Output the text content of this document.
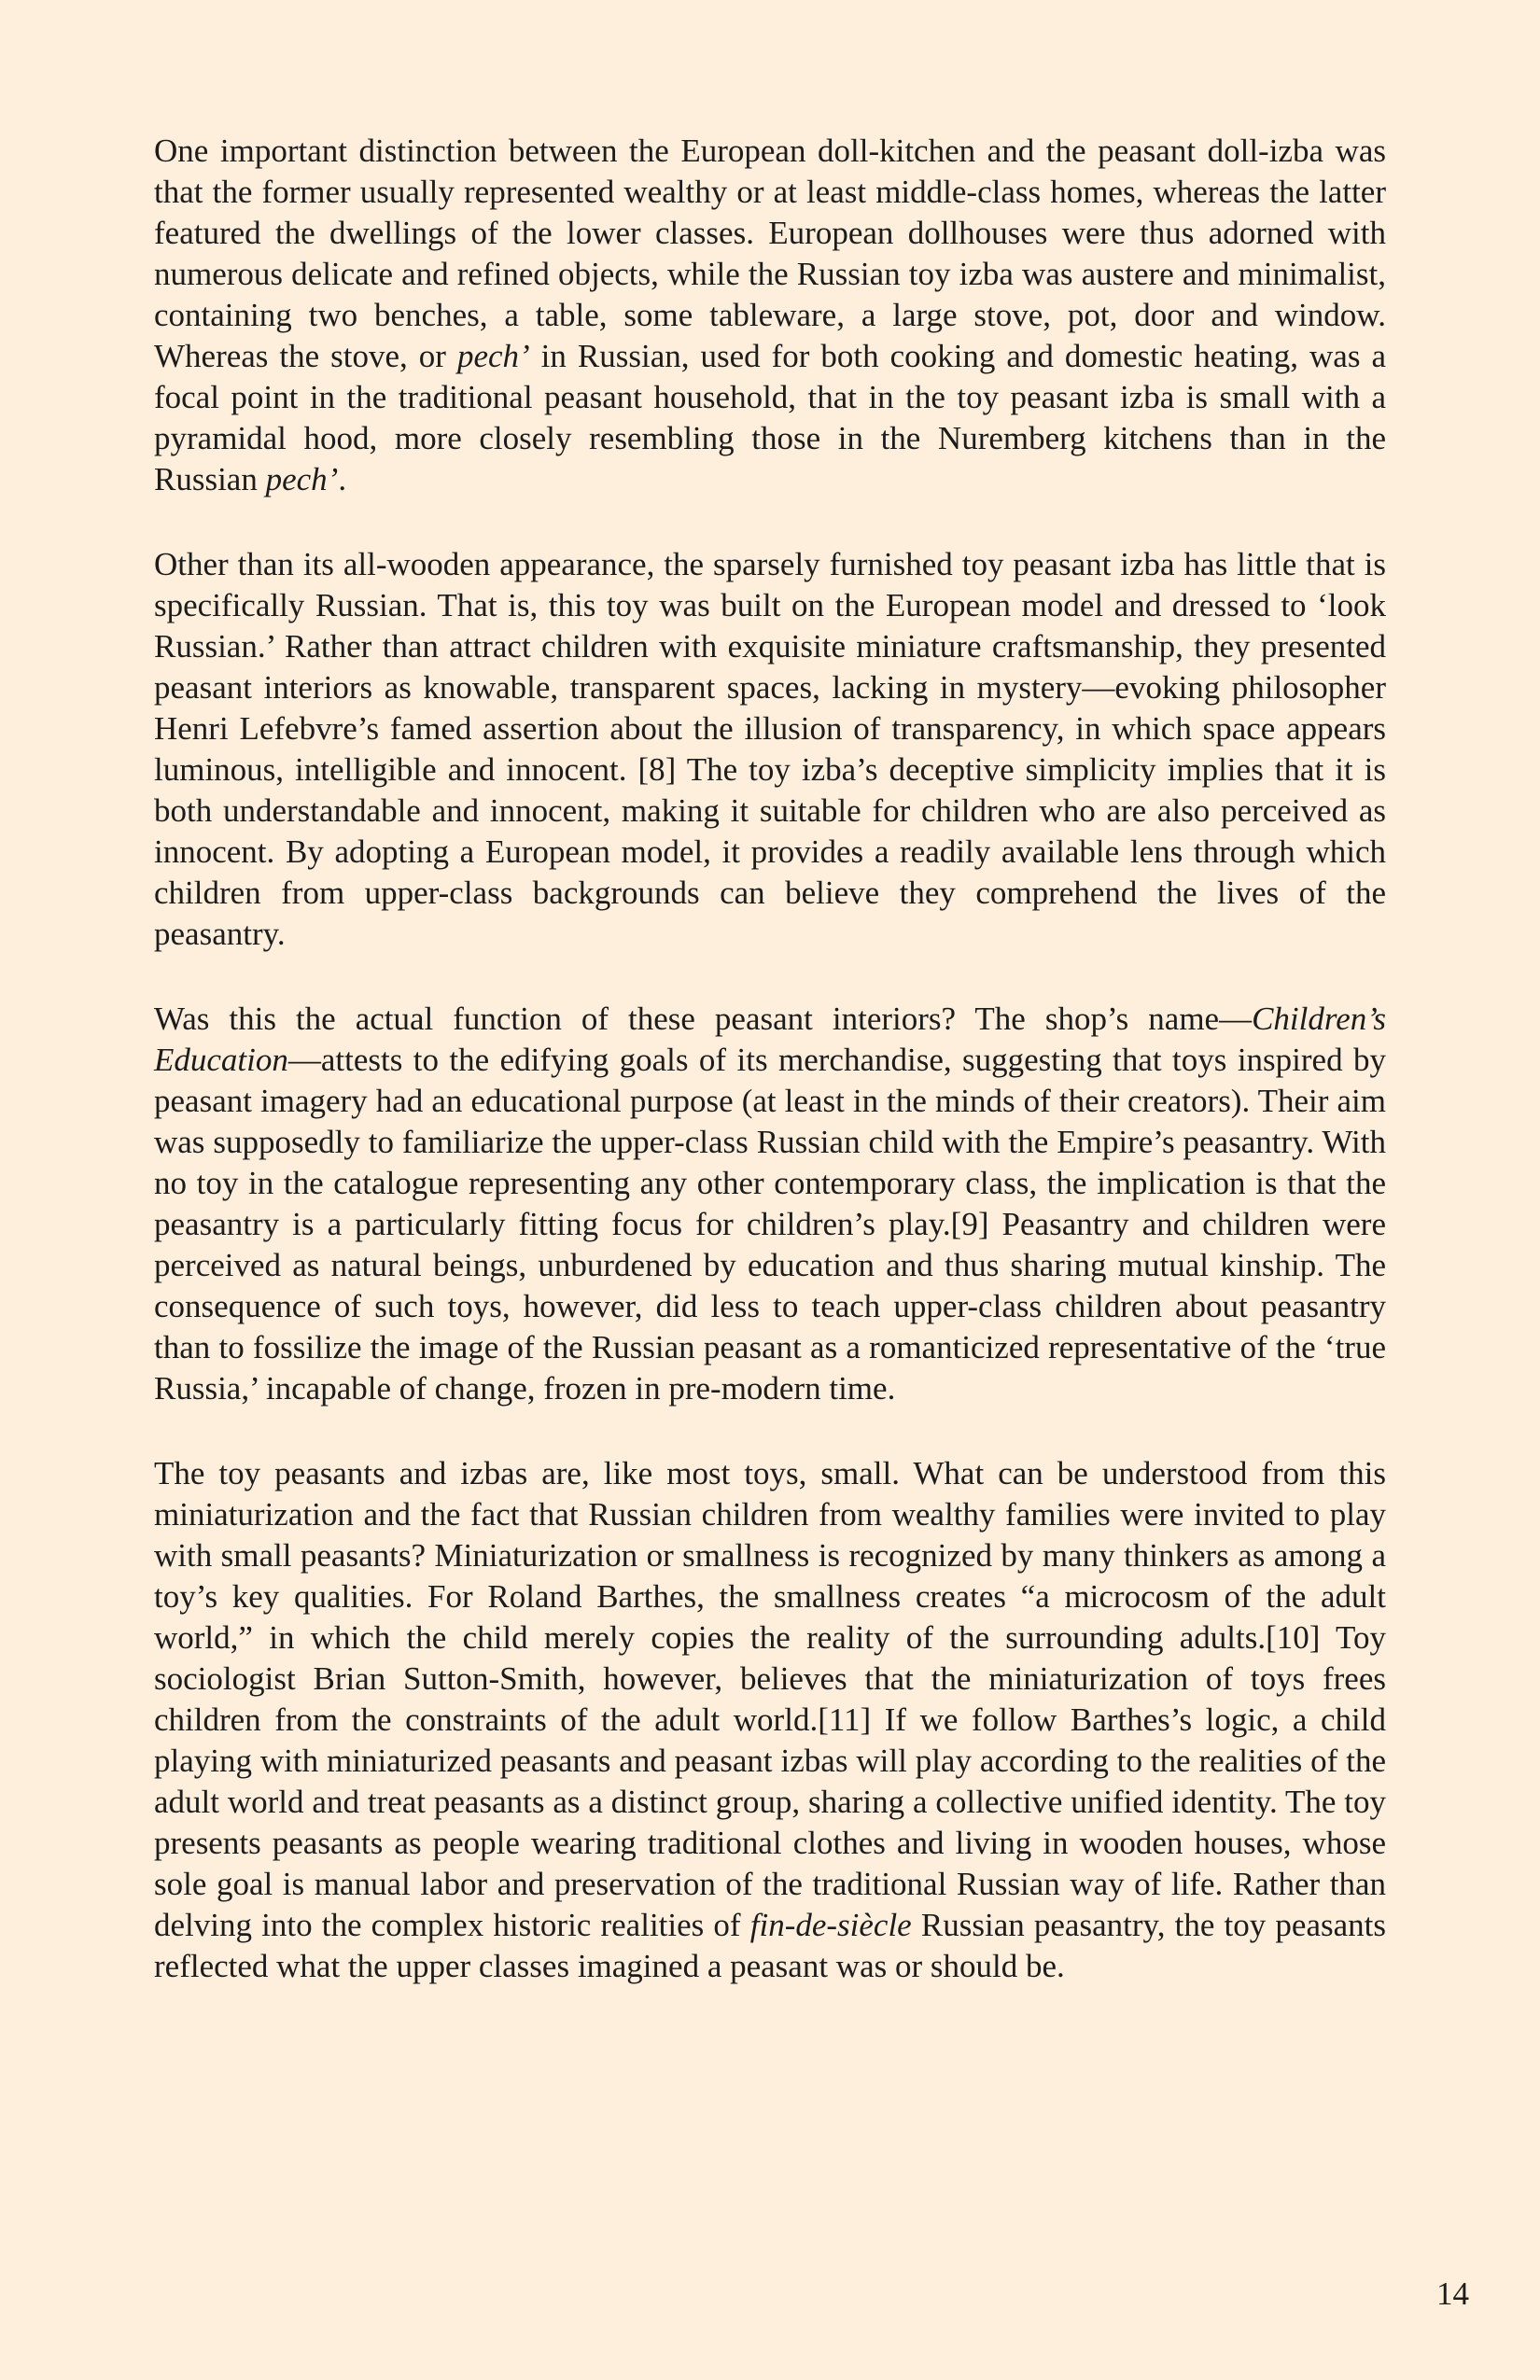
One important distinction between the European doll-kitchen and the peasant doll-izba was that the former usually represented wealthy or at least middle-class homes, whereas the latter featured the dwellings of the lower classes. European dollhouses were thus adorned with numerous delicate and refined objects, while the Russian toy izba was austere and minimalist, containing two benches, a table, some tableware, a large stove, pot, door and window. Whereas the stove, or pech’ in Russian, used for both cooking and domestic heating, was a focal point in the traditional peasant household, that in the toy peasant izba is small with a pyramidal hood, more closely resembling those in the Nuremberg kitchens than in the Russian pech’.

Other than its all-wooden appearance, the sparsely furnished toy peasant izba has little that is specifically Russian. That is, this toy was built on the European model and dressed to ‘look Russian.’ Rather than attract children with exquisite miniature craftsmanship, they presented peasant interiors as knowable, transparent spaces, lacking in mystery—evoking philosopher Henri Lefebvre’s famed assertion about the illusion of transparency, in which space appears luminous, intelligible and innocent. [8] The toy izba’s deceptive simplicity implies that it is both understandable and innocent, making it suitable for children who are also perceived as innocent. By adopting a European model, it provides a readily available lens through which children from upper-class backgrounds can believe they comprehend the lives of the peasantry.

Was this the actual function of these peasant interiors? The shop’s name—Children’s Education—attests to the edifying goals of its merchandise, suggesting that toys inspired by peasant imagery had an educational purpose (at least in the minds of their creators). Their aim was supposedly to familiarize the upper-class Russian child with the Empire’s peasantry. With no toy in the catalogue representing any other contemporary class, the implication is that the peasantry is a particularly fitting focus for children’s play.[9] Peasantry and children were perceived as natural beings, unburdened by education and thus sharing mutual kinship. The consequence of such toys, however, did less to teach upper-class children about peasantry than to fossilize the image of the Russian peasant as a romanticized representative of the ‘true Russia,’ incapable of change, frozen in pre-modern time.

The toy peasants and izbas are, like most toys, small. What can be understood from this miniaturization and the fact that Russian children from wealthy families were invited to play with small peasants? Miniaturization or smallness is recognized by many thinkers as among a toy’s key qualities. For Roland Barthes, the smallness creates “a microcosm of the adult world,” in which the child merely copies the reality of the surrounding adults.[10] Toy sociologist Brian Sutton-Smith, however, believes that the miniaturization of toys frees children from the constraints of the adult world.[11] If we follow Barthes’s logic, a child playing with miniaturized peasants and peasant izbas will play according to the realities of the adult world and treat peasants as a distinct group, sharing a collective unified identity. The toy presents peasants as people wearing traditional clothes and living in wooden houses, whose sole goal is manual labor and preservation of the traditional Russian way of life. Rather than delving into the complex historic realities of fin-de-siècle Russian peasantry, the toy peasants reflected what the upper classes imagined a peasant was or should be.

14
